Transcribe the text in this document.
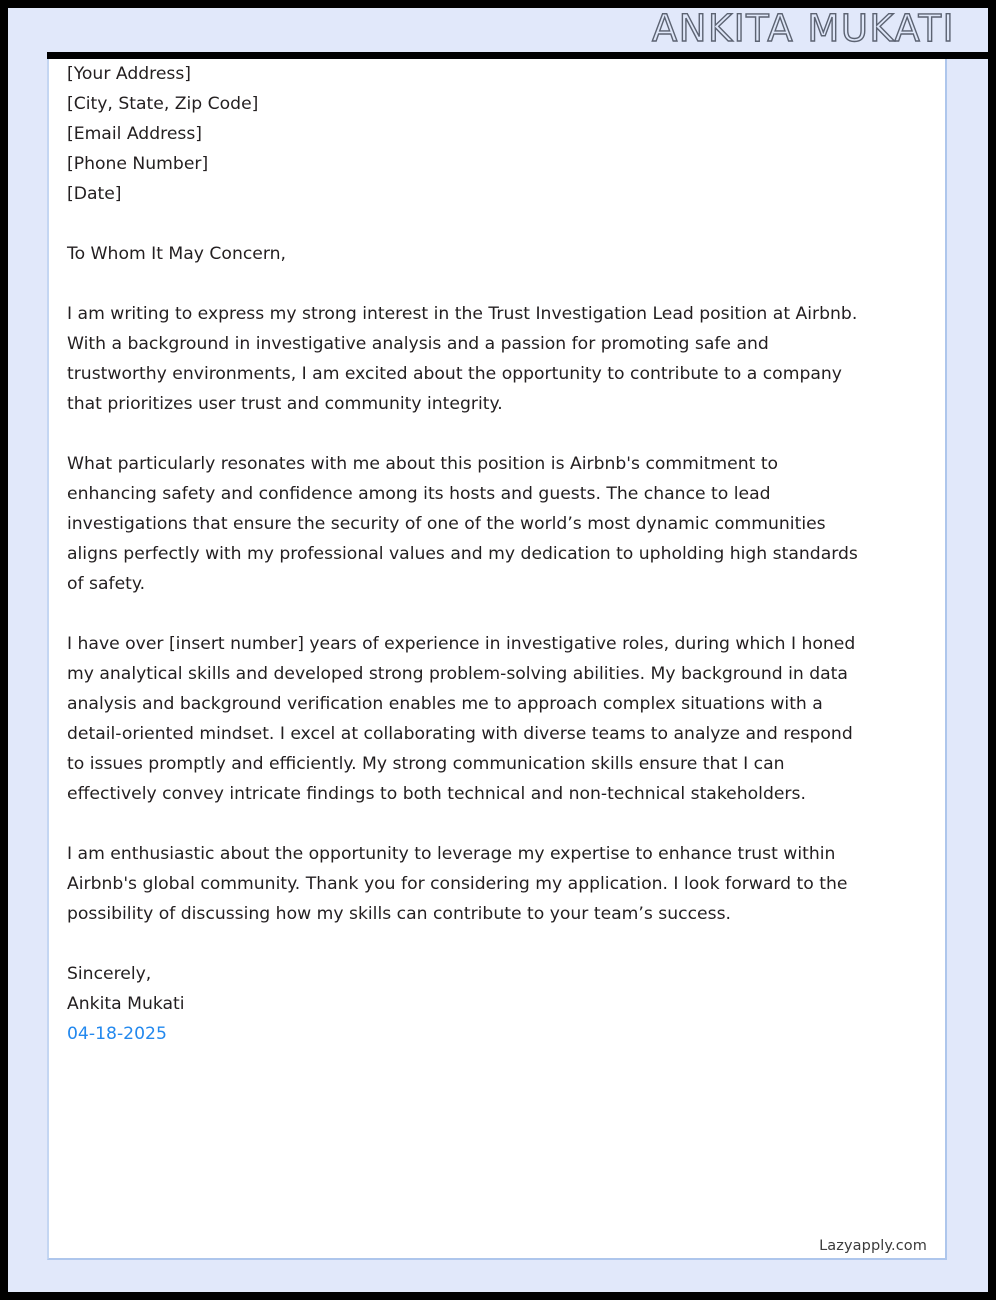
ANKITA MUKATI
Lazyapply.com
[Your Address]
[City, State, Zip Code]
[Email Address]
[Phone Number]
[Date]
To Whom It May Concern,

I am writing to express my strong interest in the Trust Investigation Lead position at Airbnb. With a background in investigative analysis and a passion for promoting safe and trustworthy environments, I am excited about the opportunity to contribute to a company that prioritizes user trust and community integrity.

What particularly resonates with me about this position is Airbnb's commitment to enhancing safety and confidence among its hosts and guests. The chance to lead investigations that ensure the security of one of the world’s most dynamic communities aligns perfectly with my professional values and my dedication to upholding high standards of safety.

I have over [insert number] years of experience in investigative roles, during which I honed my analytical skills and developed strong problem-solving abilities. My background in data analysis and background verification enables me to approach complex situations with a detail-oriented mindset. I excel at collaborating with diverse teams to analyze and respond to issues promptly and efficiently. My strong communication skills ensure that I can effectively convey intricate findings to both technical and non-technical stakeholders.

I am enthusiastic about the opportunity to leverage my expertise to enhance trust within Airbnb's global community. Thank you for considering my application. I look forward to the possibility of discussing how my skills can contribute to your team’s success.

Sincerely,
Ankita Mukati
04-18-2025
